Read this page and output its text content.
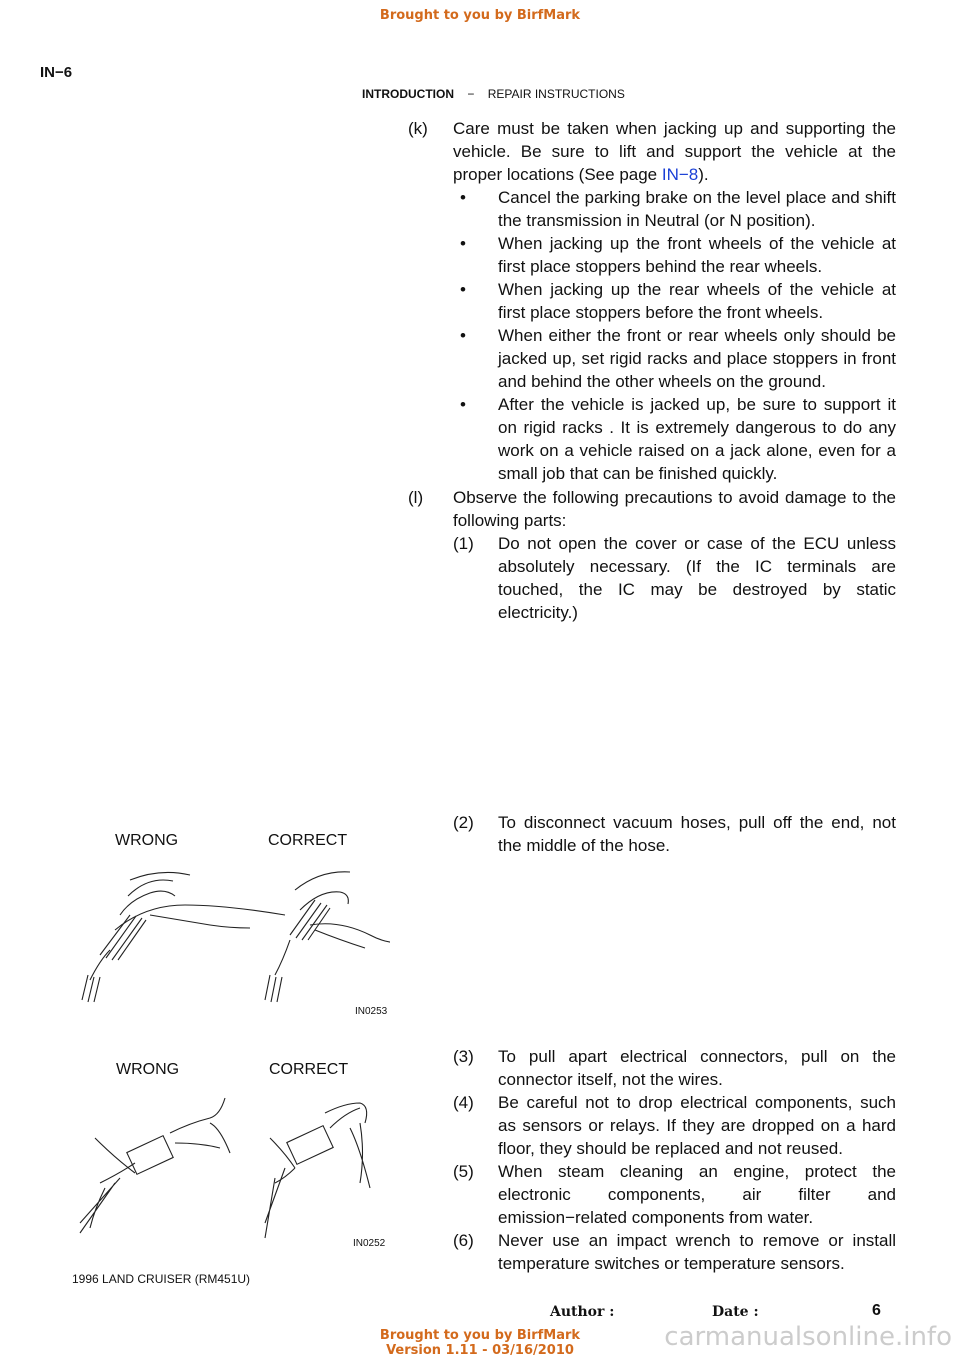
Brought to you by BirfMark
IN−6
INTRODUCTION − REPAIR INSTRUCTIONS
(k) Care must be taken when jacking up and supporting the vehicle. Be sure to lift and support the vehicle at the proper locations (See page IN−8).
• Cancel the parking brake on the level place and shift the transmission in Neutral (or N position).
• When jacking up the front wheels of the vehicle at first place stoppers behind the rear wheels.
• When jacking up the rear wheels of the vehicle at first place stoppers before the front wheels.
• When either the front or rear wheels only should be jacked up, set rigid racks and place stoppers in front and behind the other wheels on the ground.
• After the vehicle is jacked up, be sure to support it on rigid racks . It is extremely dangerous to do any work on a vehicle raised on a jack alone, even for a small job that can be finished quickly.
(l) Observe the following precautions to avoid damage to the following parts:
(1) Do not open the cover or case of the ECU unless absolutely necessary. (If the IC terminals are touched, the IC may be destroyed by static electricity.)
(2) To disconnect vacuum hoses, pull off the end, not the middle of the hose.
(3) To pull apart electrical connectors, pull on the connector itself, not the wires.
(4) Be careful not to drop electrical components, such as sensors or relays. If they are dropped on a hard floor, they should be replaced and not reused.
(5) When steam cleaning an engine, protect the electronic components, air filter and emission−related components from water.
(6) Never use an impact wrench to remove or install temperature switches or temperature sensors.
WRONG	CORRECT
IN0253
WRONG	CORRECT
IN0252
1996 LAND CRUISER (RM451U)
Author :	Date :	6
Brought to you by BirfMark
Version 1.11 - 03/16/2010	carmanualsonline.info
